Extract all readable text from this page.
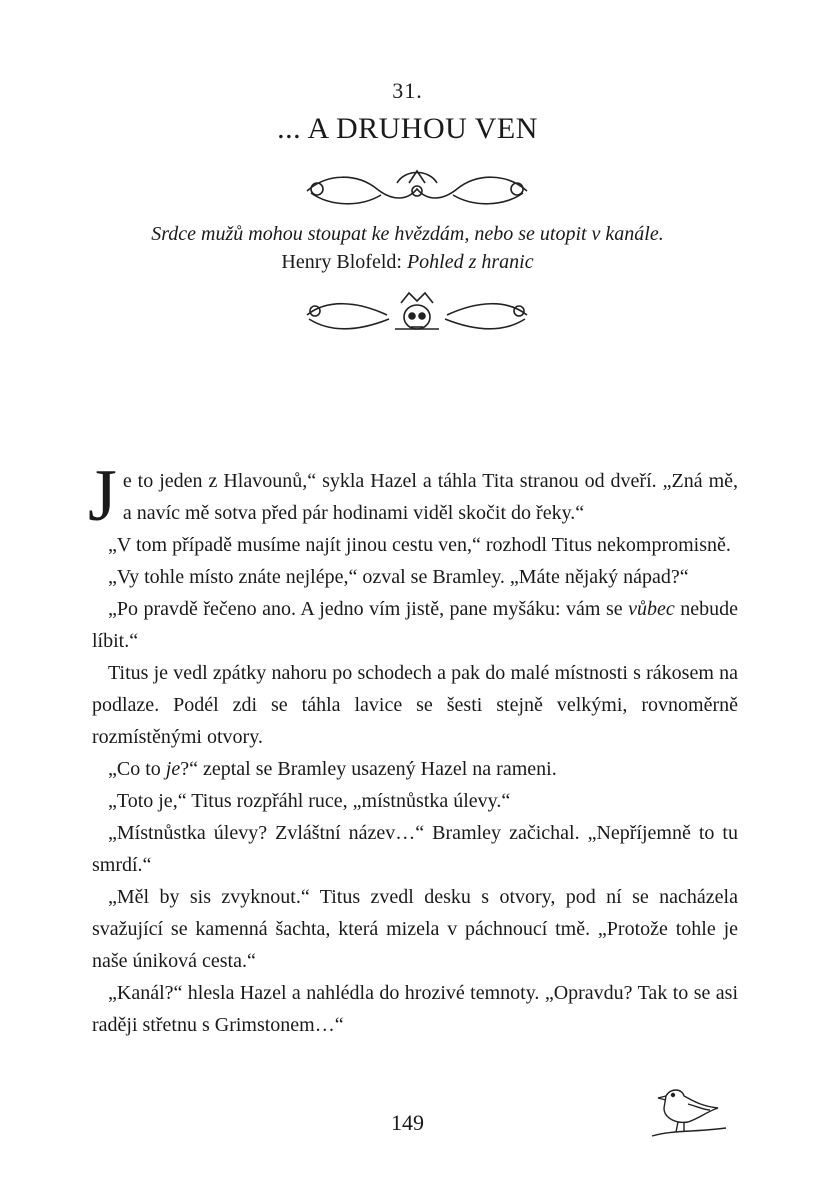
31.
... A DRUHOU VEN
Srdce mužů mohou stoupat ke hvězdám, nebo se utopit v kanále.
Henry Blofeld: Pohled z hranic

Je to jeden z Hlavounů,“ sykla Hazel a táhla Tita stranou od dveří. „Zná mě, a navíc mě sotva před pár hodinami viděl skočit do řeky.“

„V tom případě musíme najít jinou cestu ven,“ rozhodl Titus nekompromisně.

„Vy tohle místo znáte nejlépe,“ ozval se Bramley. „Máte nějaký nápad?“

„Po pravdě řečeno ano. A jedno vím jistě, pane myšáku: vám se vůbec nebude líbit.“

Titus je vedl zpátky nahoru po schodech a pak do malé místnosti s rákosem na podlaze. Podél zdi se táhla lavice se šesti stejně velkými, rovnoměrně rozmístěnými otvory.

„Co to je?“ zeptal se Bramley usazený Hazel na rameni.

„Toto je,“ Titus rozpřáhl ruce, „místnůstka úlevy.“

„Místnůstka úlevy? Zvláštní název…“ Bramley začichal. „Nepříjemně to tu smrdí.“

„Měl by sis zvyknout.“ Titus zvedl desku s otvory, pod ní se nacházela svažující se kamenná šachta, která mizela v páchnoucí tmě. „Protože tohle je naše úniková cesta.“

„Kanál?“ hlesla Hazel a nahlédla do hrozivé temnoty. „Opravdu? Tak to se asi raději střetnu s Grimstonem…“

149
